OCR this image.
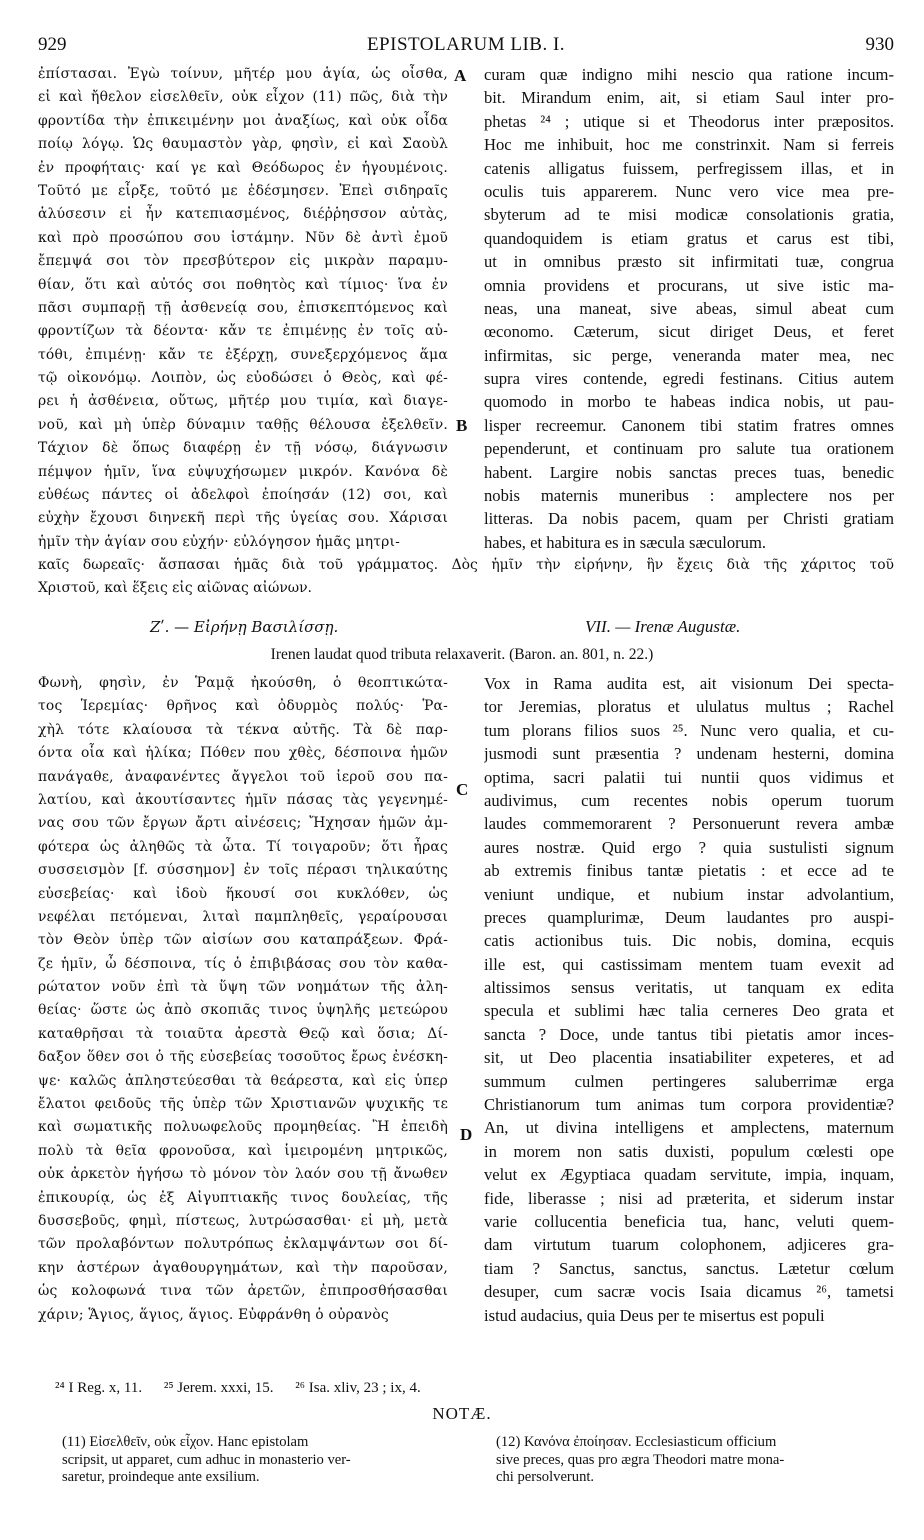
929	EPISTOLARUM LIB. I.	930
ἐπίστασαι. Ἐγὼ τοίνυν, μῆτέρ μου ἁγία, ὡς οἶσθα,
εἰ καὶ ἤθελον εἰσελθεῖν, οὐκ εἶχον (11) πῶς, διὰ τὴν
φροντίδα τὴν ἐπικειμένην μοι ἀναξίως, καὶ οὐκ οἶδα
ποίῳ λόγῳ. Ὡς θαυμαστὸν γὰρ, φησὶν, εἰ καὶ Σαοὺλ
ἐν προφήταις· καί γε καὶ Θεόδωρος ἐν ἡγουμένοις.
Τοῦτό με εἶρξε, τοῦτό με ἐδέσμησεν. Ἐπεὶ σιδηραῖς
ἁλύσεσιν εἰ ἦν κατεπιασμένος, διέῤῥησσον αὐτὰς,
καὶ πρὸ προσώπου σου ἱστάμην. Νῦν δὲ ἀντὶ ἐμοῦ
ἔπεμψά σοι τὸν πρεσβύτερον εἰς μικρὰν παραμυ-
θίαν, ὅτι καὶ αὐτός σοι ποθητὸς καὶ τίμιος· ἵνα ἐν
πᾶσι συμπαρῇ τῇ ἀσθενείᾳ σου, ἐπισκεπτόμενος καὶ
φροντίζων τὰ δέοντα· κἄν τε ἐπιμένῃς ἐν τοῖς αὐ-
τόθι, ἐπιμένῃ· κἄν τε ἐξέρχῃ, συνεξερχόμενος ἅμα
τῷ οἰκονόμῳ. Λοιπὸν, ὡς εὐοδώσει ὁ Θεὸς, καὶ φέ-
ρει ἡ ἀσθένεια, οὕτως, μῆτέρ μου τιμία, καὶ διαγε-
νοῦ, καὶ μὴ ὑπὲρ δύναμιν ταθῇς θέλουσα ἐξελθεῖν.
Τάχιον δὲ ὅπως διαφέρῃ ἐν τῇ νόσῳ, διάγνωσιν
πέμψον ἡμῖν, ἵνα εὐψυχήσωμεν μικρόν. Κανόνα δὲ
εὐθέως πάντες οἱ ἀδελφοὶ ἐποίησάν (12) σοι, καὶ
εὐχὴν ἔχουσι διηνεκῆ περὶ τῆς ὑγείας σου. Χάρισαι
ἡμῖν τὴν ἁγίαν σου εὐχήν· εὐλόγησον ἡμᾶς μητρι-
curam quæ indigno mihi nescio qua ratione incum-
bit. Mirandum enim, ait, si etiam Saul inter pro-
phetas ²⁴ ; utique si et Theodorus inter præpositos.
Hoc me inhibuit, hoc me constrinxit. Nam si ferreis
catenis alligatus fuissem, perfregissem illas, et in
oculis tuis apparerem. Nunc vero vice mea pre-
sbyterum ad te misi modicæ consolationis gratia,
quandoquidem is etiam gratus et carus est tibi,
ut in omnibus præsto sit infirmitati tuæ, congrua
omnia providens et procurans, ut sive istic ma-
neas, una maneat, sive abeas, simul abeat cum
œconomo. Cæterum, sicut diriget Deus, et feret
infirmitas, sic perge, veneranda mater mea, nec
supra vires contende, egredi festinans. Citius autem
quomodo in morbo te habeas indica nobis, ut pau-
lisper recreemur. Canonem tibi statim fratres omnes
pependerunt, et continuam pro salute tua orationem
habent. Largire nobis sanctas preces tuas, benedic
nobis maternis muneribus : amplectere nos per
litteras. Da nobis pacem, quam per Christi gratiam
habes, et habitura es in sæcula sæculorum.
A
B
C
D
καῖς δωρεαῖς· ἄσπασαι ἡμᾶς διὰ τοῦ γράμματος. Δὸς ἡμῖν τὴν εἰρήνην, ἣν ἔχεις διὰ τῆς χάριτος τοῦ
Χριστοῦ, καὶ ἕξεις εἰς αἰῶνας αἰώνων.
Ζʹ. — Εἰρήνῃ Βασιλίσσῃ.	VII. — Irenæ Augustæ.
Irenen laudat quod tributa relaxaverit. (Baron. an. 801, n. 22.)
Φωνὴ, φησὶν, ἐν Ῥαμᾷ ἠκούσθη, ὁ θεοπτικώτα-
τος Ἱερεμίας· θρῆνος καὶ ὀδυρμὸς πολύς· Ῥα-
χὴλ τότε κλαίουσα τὰ τέκνα αὐτῆς. Τὰ δὲ παρ-
όντα οἷα καὶ ἡλίκα; Πόθεν που χθὲς, δέσποινα ἡμῶν
πανάγαθε, ἀναφανέντες ἄγγελοι τοῦ ἱεροῦ σου πα-
λατίου, καὶ ἀκουτίσαντες ἡμῖν πάσας τὰς γεγενημέ-
νας σου τῶν ἔργων ἄρτι αἰνέσεις; Ἤχησαν ἡμῶν ἀμ-
φότερα ὡς ἀληθῶς τὰ ὦτα. Τί τοιγαροῦν; ὅτι ἦρας
συσσεισμὸν [f. σύσσημον] ἐν τοῖς πέρασι τηλικαύτης
εὐσεβείας· καὶ ἰδοὺ ἥκουσί σοι κυκλόθεν, ὡς
νεφέλαι πετόμεναι, λιταὶ παμπληθεῖς, γεραίρουσαι
τὸν Θεὸν ὑπὲρ τῶν αἰσίων σου καταπράξεων. Φρά-
ζε ἡμῖν, ὦ δέσποινα, τίς ὁ ἐπιβιβάσας σου τὸν καθα-
ρώτατον νοῦν ἐπὶ τὰ ὕψη τῶν νοημάτων τῆς ἀλη-
θείας· ὥστε ὡς ἀπὸ σκοπιᾶς τινος ὑψηλῆς μετεώρου
καταθρῆσαι τὰ τοιαῦτα ἀρεστὰ Θεῷ καὶ ὅσια; Δί-
δαξον ὅθεν σοι ὁ τῆς εὐσεβείας τοσοῦτος ἔρως ἐνέσκη-
ψε· καλῶς ἀπληστεύεσθαι τὰ θεάρεστα, καὶ εἰς ὑπερ
ἔλατοι φειδοῦς τῆς ὑπὲρ τῶν Χριστιανῶν ψυχικῆς τε
καὶ σωματικῆς πολυωφελοῦς προμηθείας. Ἢ ἐπειδὴ
πολὺ τὰ θεῖα φρονοῦσα, καὶ ἱμειρομένη μητρικῶς,
οὐκ ἀρκετὸν ἡγήσω τὸ μόνον τὸν λαόν σου τῇ ἄνωθεν
ἐπικουρίᾳ, ὡς ἐξ Αἰγυπτιακῆς τινος δουλείας, τῆς
δυσσεβοῦς, φημὶ, πίστεως, λυτρώσασθαι· εἰ μὴ, μετὰ
τῶν προλαβόντων πολυτρόπως ἐκλαμψάντων σοι δί-
κην ἀστέρων ἀγαθουργημάτων, καὶ τὴν παροῦσαν,
ὡς κολοφωνά τινα τῶν ἀρετῶν, ἐπιπροσθήσασθαι
χάριν; Ἅγιος, ἅγιος, ἅγιος. Εὐφράνθη ὁ οὐρανὸς
Vox in Rama audita est, ait visionum Dei specta-
tor Jeremias, ploratus et ululatus multus ; Rachel
tum plorans filios suos ²⁵. Nunc vero qualia, et cu-
jusmodi sunt præsentia ? undenam hesterni, domina
optima, sacri palatii tui nuntii quos vidimus et
audivimus, cum recentes nobis operum tuorum
laudes commemorarent ? Personuerunt revera ambæ
aures nostræ. Quid ergo ? quia sustulisti signum
ab extremis finibus tantæ pietatis : et ecce ad te
veniunt undique, et nubium instar advolantium,
preces quamplurimæ, Deum laudantes pro auspi-
catis actionibus tuis. Dic nobis, domina, ecquis
ille est, qui castissimam mentem tuam evexit ad
altissimos sensus veritatis, ut tanquam ex edita
specula et sublimi hæc talia cerneres Deo grata et
sancta ? Doce, unde tantus tibi pietatis amor inces-
sit, ut Deo placentia insatiabiliter expeteres, et ad
summum culmen pertingeres saluberrimæ erga
Christianorum tum animas tum corpora providentiæ?
An, ut divina intelligens et amplectens, maternum
in morem non satis duxisti, populum cœlesti ope
velut ex Ægyptiaca quadam servitute, impia, inquam,
fide, liberasse ; nisi ad præterita, et siderum instar
varie collucentia beneficia tua, hanc, veluti quem-
dam virtutum tuarum colophonem, adjiceres gra-
tiam ? Sanctus, sanctus, sanctus. Lætetur cœlum
desuper, cum sacræ vocis Isaia dicamus ²⁶, tametsi
istud audacius, quia Deus per te misertus est populi
²⁴ I Reg. x, 11. ²⁵ Jerem. xxxi, 15. ²⁶ Isa. xliv, 23 ; ix, 4.
NOTÆ.
(11) Εἰσελθεῖν, οὐκ εἶχον. Hanc epistolam
scripsit, ut apparet, cum adhuc in monasterio ver-
saretur, proindeque ante exsilium.
(12) Κανόνα ἐποίησαν. Ecclesiasticum officium
sive preces, quas pro ægra Theodori matre mona-
chi persolverunt.
